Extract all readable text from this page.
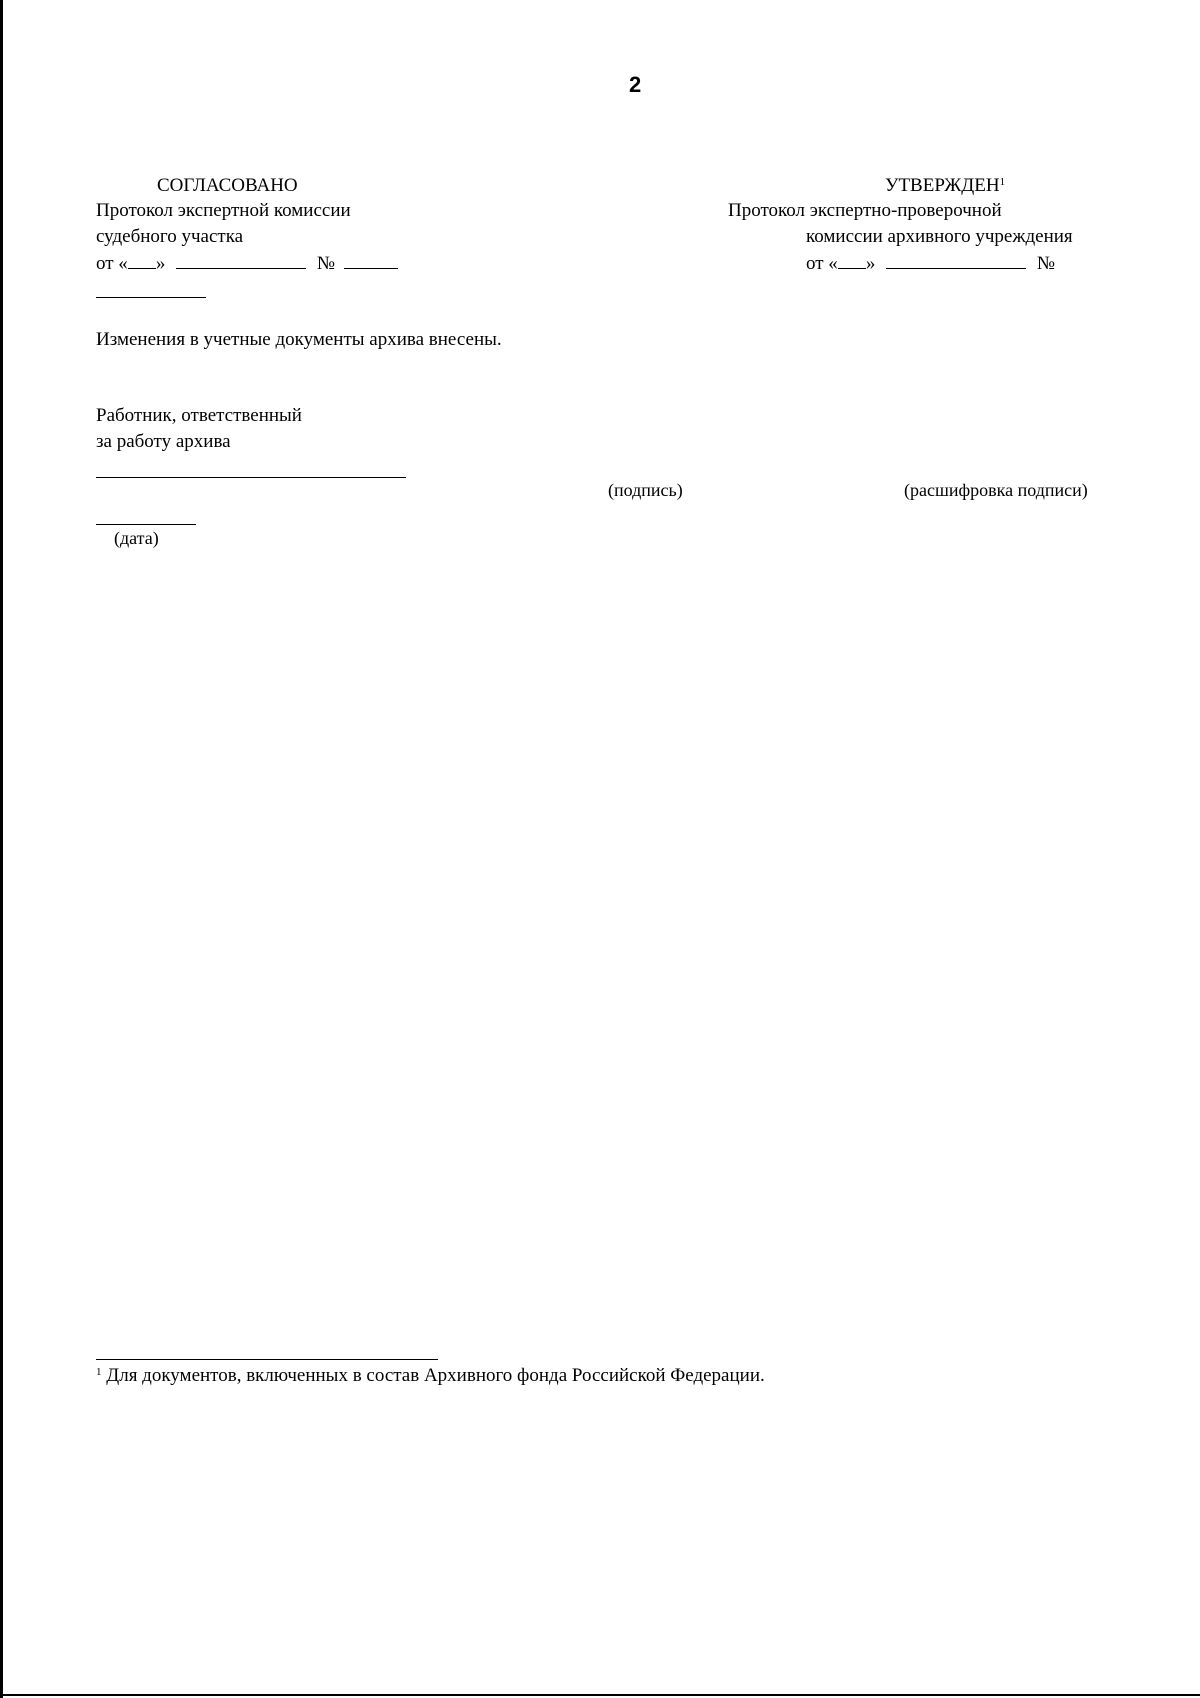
2
СОГЛАСОВАНО
Протокол экспертной комиссии
судебного участка
от « »	№
УТВЕРЖДЕН$^1$
Протокол экспертно-проверочной
комиссии архивного учреждения
от « »	№
Изменения в учетные документы архива внесены.
Работник, ответственный
за работу архива
(подпись)	(расшифровка подписи)
(дата)
$^1$ Для документов, включенных в состав Архивного фонда Российской Федерации.
